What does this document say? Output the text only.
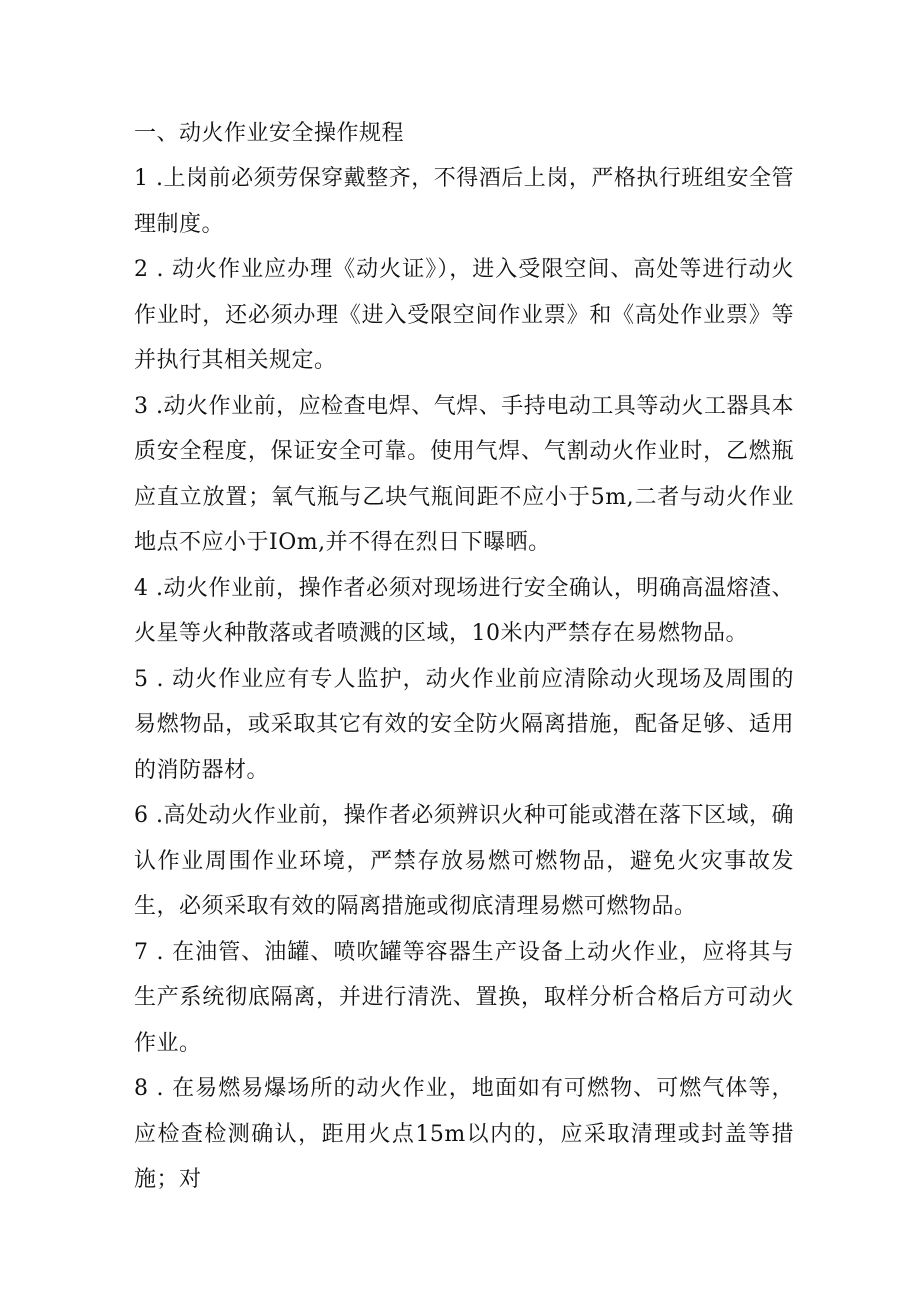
一、动火作业安全操作规程

1 .上岗前必须劳保穿戴整齐，不得酒后上岗，严格执行班组安全管理制度。

2 . 动火作业应办理《动火证》），进入受限空间、高处等进行动火作业时，还必须办理《进入受限空间作业票》和《高处作业票》等并执行其相关规定。

3 .动火作业前，应检查电焊、气焊、手持电动工具等动火工器具本质安全程度，保证安全可靠。使用气焊、气割动火作业时，乙燃瓶应直立放置；氧气瓶与乙块气瓶间距不应小于5m,二者与动火作业地点不应小于IOm,并不得在烈日下曝晒。

4 .动火作业前，操作者必须对现场进行安全确认，明确高温熔渣、火星等火种散落或者喷溅的区域，10米内严禁存在易燃物品。

5 . 动火作业应有专人监护，动火作业前应清除动火现场及周围的易燃物品，或采取其它有效的安全防火隔离措施，配备足够、适用的消防器材。

6 .高处动火作业前，操作者必须辨识火种可能或潜在落下区域，确认作业周围作业环境，严禁存放易燃可燃物品，避免火灾事故发生，必须采取有效的隔离措施或彻底清理易燃可燃物品。

7 . 在油管、油罐、喷吹罐等容器生产设备上动火作业，应将其与生产系统彻底隔离，并进行清洗、置换，取样分析合格后方可动火作业。

8 . 在易燃易爆场所的动火作业，地面如有可燃物、可燃气体等，应检查检测确认，距用火点15m以内的，应采取清理或封盖等措施；对
